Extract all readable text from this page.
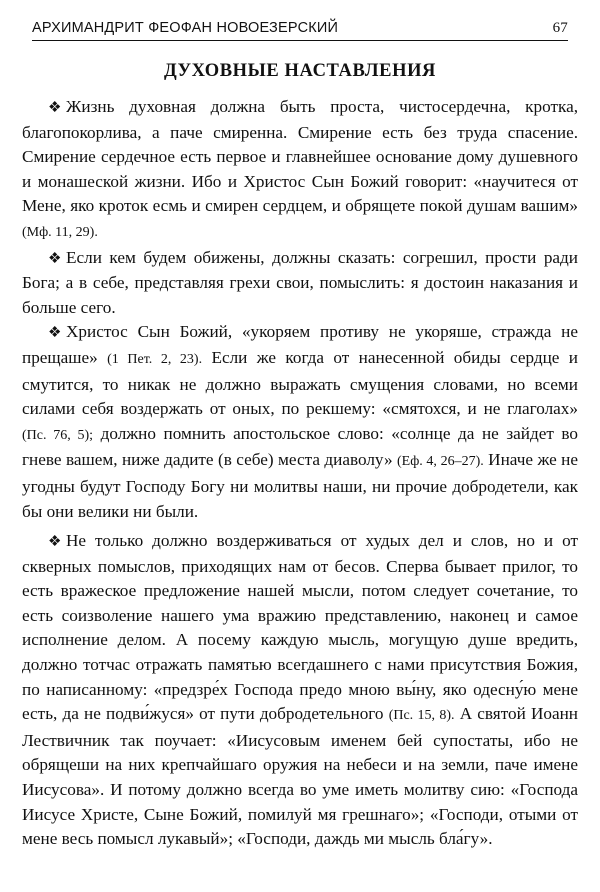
АРХИМАНДРИТ ФЕОФАН НОВОЕЗЕРСКИЙ	67
ДУХОВНЫЕ НАСТАВЛЕНИЯ

❖ Жизнь духовная должна быть проста, чистосердечна, кротка, благопокорлива, а паче смиренна. Смирение есть без труда спасение. Смирение сердечное есть первое и главнейшее основание дому душевного и монашеской жизни. Ибо и Христос Сын Божий говорит: «научитеся от Мене, яко кроток есмь и смирен сердцем, и обрящете покой душам вашим» (Мф. 11, 29).

❖ Если кем будем обижены, должны сказать: согрешил, прости ради Бога; а в себе, представляя грехи свои, помыслить: я достоин наказания и больше сего.

❖ Христос Сын Божий, «укоряем противу не укоряше, стражда не прещаше» (1 Пет. 2, 23). Если же когда от нанесенной обиды сердце и смутится, то никак не должно выражать смущения словами, но всеми силами себя воздержать от оных, по рекшему: «смятохся, и не глаголах» (Пс. 76, 5); должно помнить апостольское слово: «солнце да не зайдет во гневе вашем, ниже дадите (в себе) места диаволу» (Еф. 4, 26–27). Иначе же не угодны будут Господу Богу ни молитвы наши, ни прочие добродетели, как бы они велики ни были.

❖ Не только должно воздерживаться от худых дел и слов, но и от скверных помыслов, приходящих нам от бесов. Сперва бывает прилог, то есть вражеское предложение нашей мысли, потом следует сочетание, то есть соизволение нашего ума вражию представлению, наконец и самое исполнение делом. А посему каждую мысль, могущую душе вредить, должно тотчас отражать памятью всегдашнего с нами присутствия Божия, по написанному: «предзре́х Господа предо мною вы́ну, яко одесну́ю мене есть, да не подви́жуся» от пути добродетельного (Пс. 15, 8). А святой Иоанн Лествичник так поучает: «Иисусовым именем бей супостаты, ибо не обрящеши на них крепчайшаго оружия на небеси и на земли, паче имене Иисусова». И потому должно всегда во уме иметь молитву сию: «Господа Иисусе Христе, Сыне Божий, помилуй мя грешнаго»; «Господи, отыми от мене весь помысл лукавый»; «Господи, даждь ми мысль бла́гу».
